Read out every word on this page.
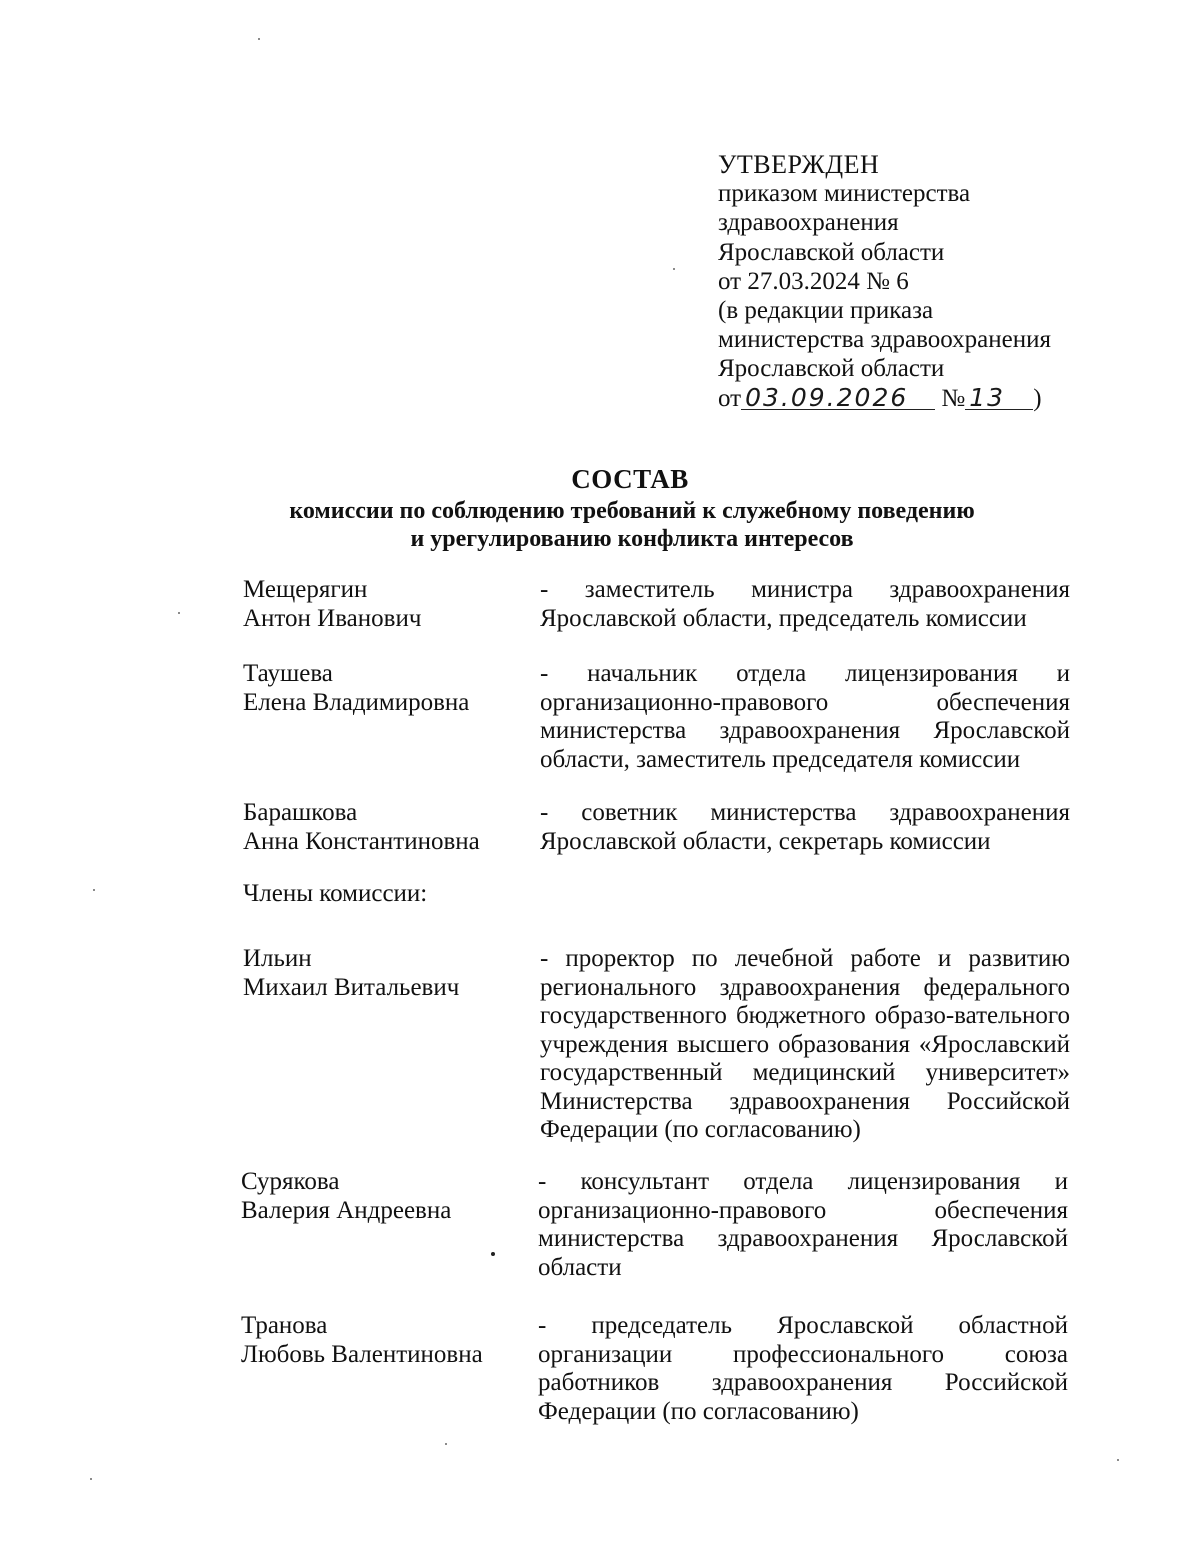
УТВЕРЖДЕН
приказом министерства
здравоохранения
Ярославской области
от 27.03.2024 № 6
(в редакции приказа
министерства здравоохранения
Ярославской области
от 03.09.2026 № 13 )
СОСТАВ
комиссии по соблюдению требований к служебному поведению
и урегулированию конфликта интересов
Мещерягин
Антон Иванович
- заместитель министра здравоохранения Ярославской области, председатель комиссии
Таушева
Елена Владимировна
- начальник отдела лицензирования и организационно-правового обеспечения министерства здравоохранения Ярославской области, заместитель председателя комиссии
Барашкова
Анна Константиновна
- советник министерства здравоохранения Ярославской области, секретарь комиссии
Члены комиссии:
Ильин
Михаил Витальевич
- проректор по лечебной работе и развитию регионального здравоохранения федерального государственного бюджетного образо-вательного учреждения высшего образования «Ярославский государственный медицинский университет» Министерства здравоохранения Российской Федерации (по согласованию)
Сурякова
Валерия Андреевна
- консультант отдела лицензирования и организационно-правового обеспечения министерства здравоохранения Ярославской области
Транова
Любовь Валентиновна
- председатель Ярославской областной организации профессионального союза работников здравоохранения Российской Федерации (по согласованию)
